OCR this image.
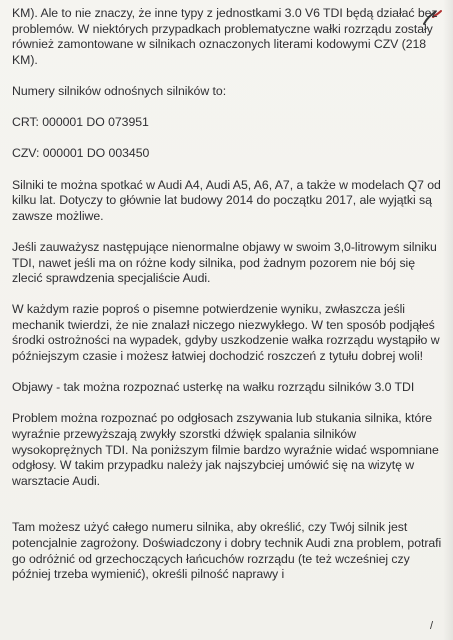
KM). Ale to nie znaczy, że inne typy z jednostkami 3.0 V6 TDI będą działać bez problemów. W niektórych przypadkach problematyczne wałki rozrządu zostały również zamontowane w silnikach oznaczonych literami kodowymi CZV (218 KM).

Numery silników odnośnych silników to:

CRT: 000001 DO 073951

CZV: 000001 DO 003450

Silniki te można spotkać w Audi A4, Audi A5, A6, A7, a także w modelach Q7 od kilku lat. Dotyczy to głównie lat budowy 2014 do początku 2017, ale wyjątki są zawsze możliwe.

Jeśli zauważysz następujące nienormalne objawy w swoim 3,0-litrowym silniku TDI, nawet jeśli ma on różne kody silnika, pod żadnym pozorem nie bój się zlecić sprawdzenia specjaliście Audi.

W każdym razie poproś o pisemne potwierdzenie wyniku, zwłaszcza jeśli mechanik twierdzi, że nie znalazł niczego niezwykłego. W ten sposób podjąłeś środki ostrożności na wypadek, gdyby uszkodzenie wałka rozrządu wystąpiło w późniejszym czasie i możesz łatwiej dochodzić roszczeń z tytułu dobrej woli!

Objawy - tak można rozpoznać usterkę na wałku rozrządu silników 3.0 TDI

Problem można rozpoznać po odgłosach zszywania lub stukania silnika, które wyraźnie przewyższają zwykły szorstki dźwięk spalania silników wysokoprężnych TDI. Na poniższym filmie bardzo wyraźnie widać wspomniane odgłosy. W takim przypadku należy jak najszybciej umówić się na wizytę w warsztacie Audi.

Tam możesz użyć całego numeru silnika, aby określić, czy Twój silnik jest potencjalnie zagrożony. Doświadczony i dobry technik Audi zna problem, potrafi go odróżnić od grzechoczących łańcuchów rozrządu (te też wcześniej czy później trzeba wymienić), określi pilność naprawy i

/
